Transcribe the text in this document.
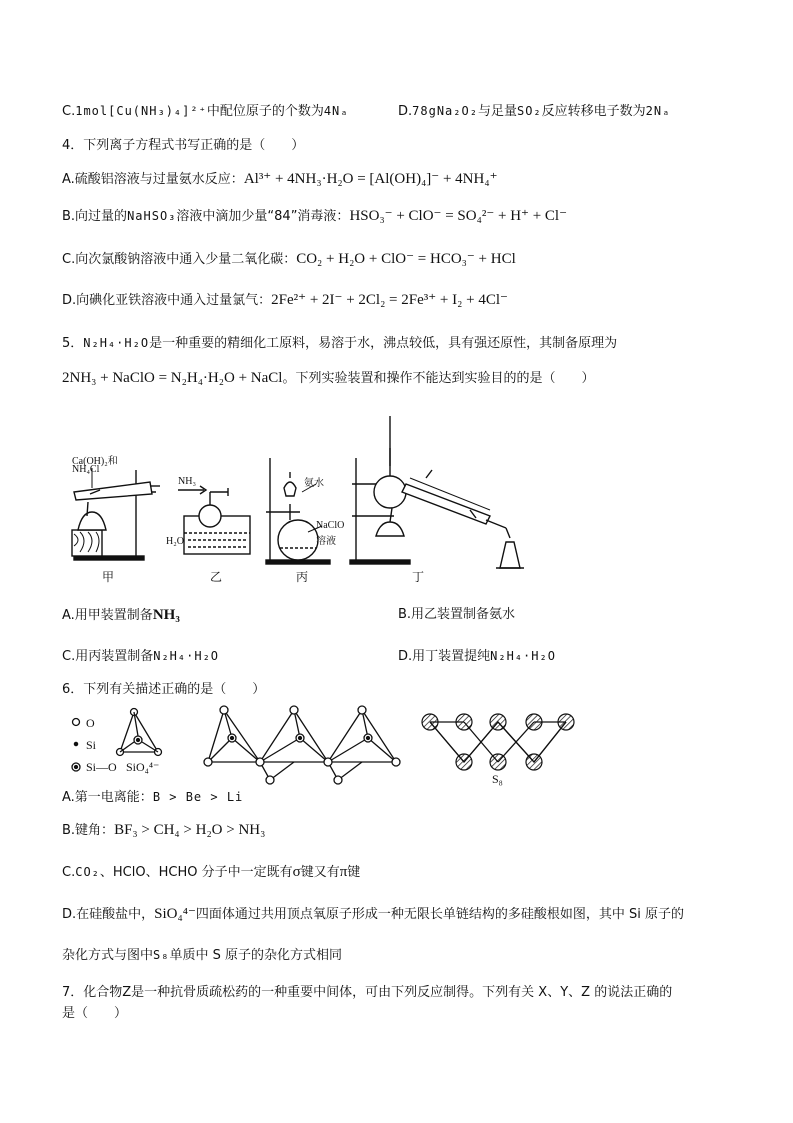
C.1mol[Cu(NH₃)₄]²⁺中配位原子的个数为4Nₐ	D.78gNa₂O₂与足量SO₂反应转移电子数为2Nₐ
4．下列离子方程式书写正确的是（　　）
A.硫酸铝溶液与过量氨水反应：Al³⁺ + 4NH₃·H₂O = [Al(OH)₄]⁻ + 4NH₄⁺
B.向过量的NaHSO₃溶液中滴加少量“84”消毒液：HSO₃⁻ + ClO⁻ = SO₄²⁻ + H⁺ + Cl⁻
C.向次氯酸钠溶液中通入少量二氧化碳：CO₂ + H₂O + ClO⁻ = HCO₃⁻ + HCl
D.向碘化亚铁溶液中通入过量氯气：2Fe²⁺ + 2I⁻ + 2Cl₂ = 2Fe³⁺ + I₂ + 4Cl⁻
5．N₂H₄·H₂O是一种重要的精细化工原料，易溶于水，沸点较低，具有强还原性，其制备原理为
2NH₃ + NaClO = N₂H₄·H₂O + NaCl。下列实验装置和操作不能达到实验目的的是（　　）
Ca(OH)₂和
NH₄Cl
NH₃
H₂O
氨水
NaClO
溶液
甲	乙	丙	丁
A.用甲装置制备NH₃	B.用乙装置制备氨水
C.用丙装置制备N₂H₄·H₂O	D.用丁装置提纯N₂H₄·H₂O
6．下列有关描述正确的是（　　）
O
Si
Si—O SiO₄⁴⁻
S₈
A.第一电离能：B > Be > Li
B.键角：BF₃ > CH₄ > H₂O > NH₃
C.CO₂、HClO、HCHO 分子中一定既有σ键又有π键
D.在硅酸盐中，SiO₄⁴⁻四面体通过共用顶点氧原子形成一种无限长单链结构的多硅酸根如图，其中 Si 原子的
杂化方式与图中S₈单质中 S 原子的杂化方式相同
7．化合物Z是一种抗骨质疏松药的一种重要中间体，可由下列反应制得。下列有关 X、Y、Z 的说法正确的
是（　　）
